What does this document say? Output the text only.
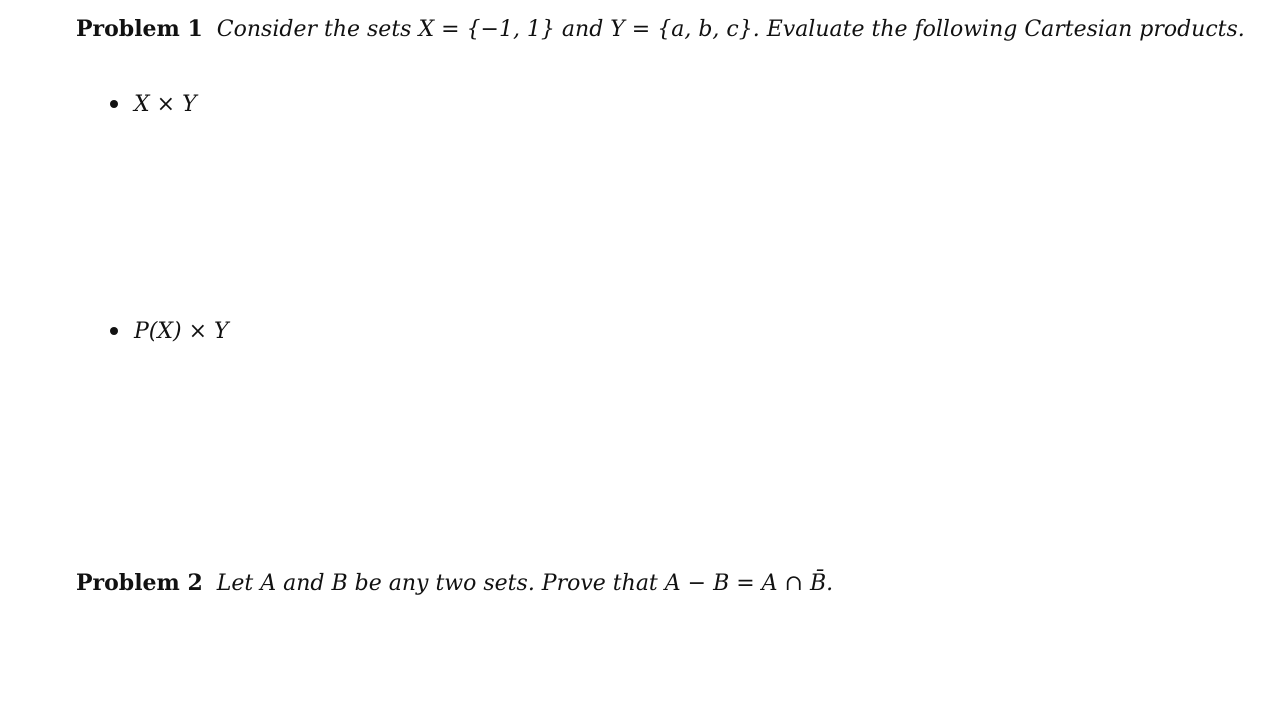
Problem 1 Consider the sets X = {−1, 1} and Y = {a, b, c}. Evaluate the following Cartesian products.
X × Y
P(X) × Y
Problem 2 Let A and B be any two sets. Prove that A − B = A ∩ B̄.
